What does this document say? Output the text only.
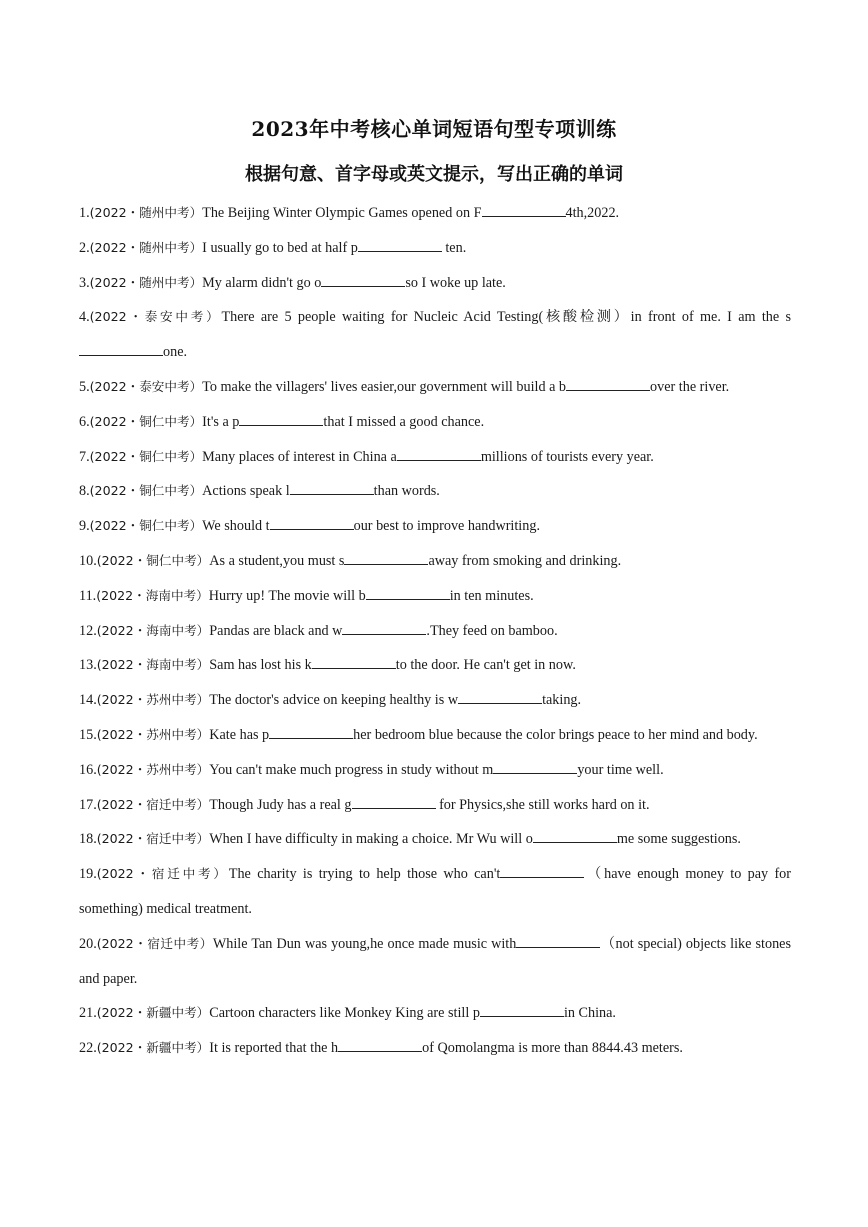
2023年中考核心单词短语句型专项训练
根据句意、首字母或英文提示，写出正确的单词
1.(2022・随州中考）The Beijing Winter Olympic Games opened on F	4th,2022.
2.(2022・随州中考）I usually go to bed at half p	ten.
3.(2022・随州中考）My alarm didn't go o	so I woke up late.
4.(2022・泰安中考）There are 5 people waiting for Nucleic Acid Testing(核酸检测）in front of me. I am the sone.
5.(2022・泰安中考）To make the villagers' lives easier,our government will build a b	over the river.
6.(2022・铜仁中考）It's a p	that I missed a good chance.
7.(2022・铜仁中考）Many places of interest in China a	millions of tourists every year.
8.(2022・铜仁中考）Actions speak l	than words.
9.(2022・铜仁中考）We should t	our best to improve handwriting.
10.(2022・铜仁中考）As a student,you must s	away from smoking and drinking.
11.(2022・海南中考）Hurry up! The movie will b	in ten minutes.
12.(2022・海南中考）Pandas are black and w	.They feed on bamboo.
13.(2022・海南中考）Sam has lost his k	to the door. He can't get in now.
14.(2022・苏州中考）The doctor's advice on keeping healthy is w	taking.
15.(2022・苏州中考）Kate has p	her bedroom blue because the color brings peace to her mind and body.
16.(2022・苏州中考）You can't make much progress in study without m	your time well.
17.(2022・宿迁中考）Though Judy has a real g	for Physics,she still works hard on it.
18.(2022・宿迁中考）When I have difficulty in making a choice. Mr Wu will o	me some suggestions.
19.(2022・宿迁中考）The charity is trying to help those who can't	（have enough money to pay for something) medical treatment.
20.(2022・宿迁中考）While Tan Dun was young,he once made music with	（not special) objects like stones and paper.
21.(2022・新疆中考）Cartoon characters like Monkey King are still p	in China.
22.(2022・新疆中考）It is reported that the h	of Qomolangma is more than 8844.43 meters.
